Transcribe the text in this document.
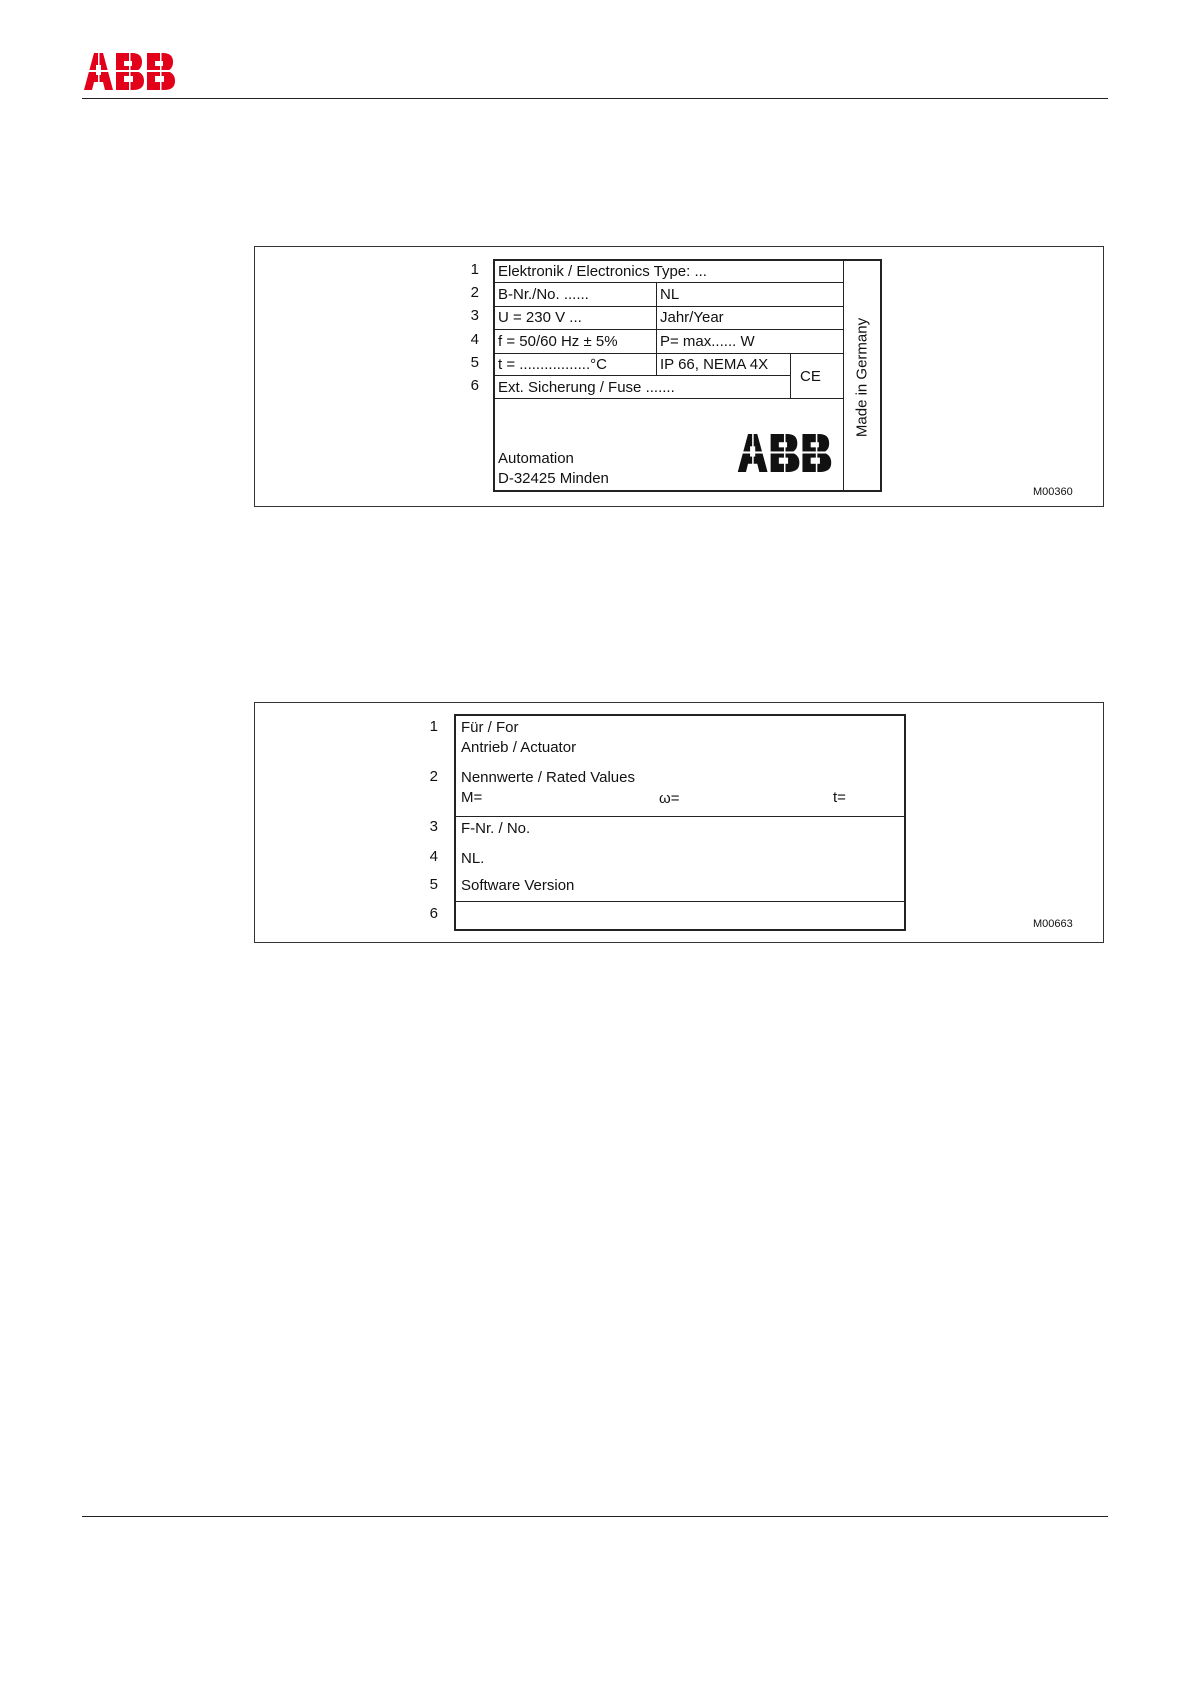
1
2
3
4
5
6
Elektronik / Electronics Type: ...
B-Nr./No. ......	NL
U = 230 V ...	Jahr/Year
f = 50/60 Hz ± 5%	P= max...... W
t = .................°C	IP 66, NEMA 4X
CE
Ext. Sicherung / Fuse .......
Automation
D-32425 Minden
Made in Germany
M00360
1
2
3
4
5
6
Für / For
Antrieb / Actuator
Nennwerte / Rated Values
M=	ω=	t=
F-Nr. / No.
NL.
Software Version
M00663
